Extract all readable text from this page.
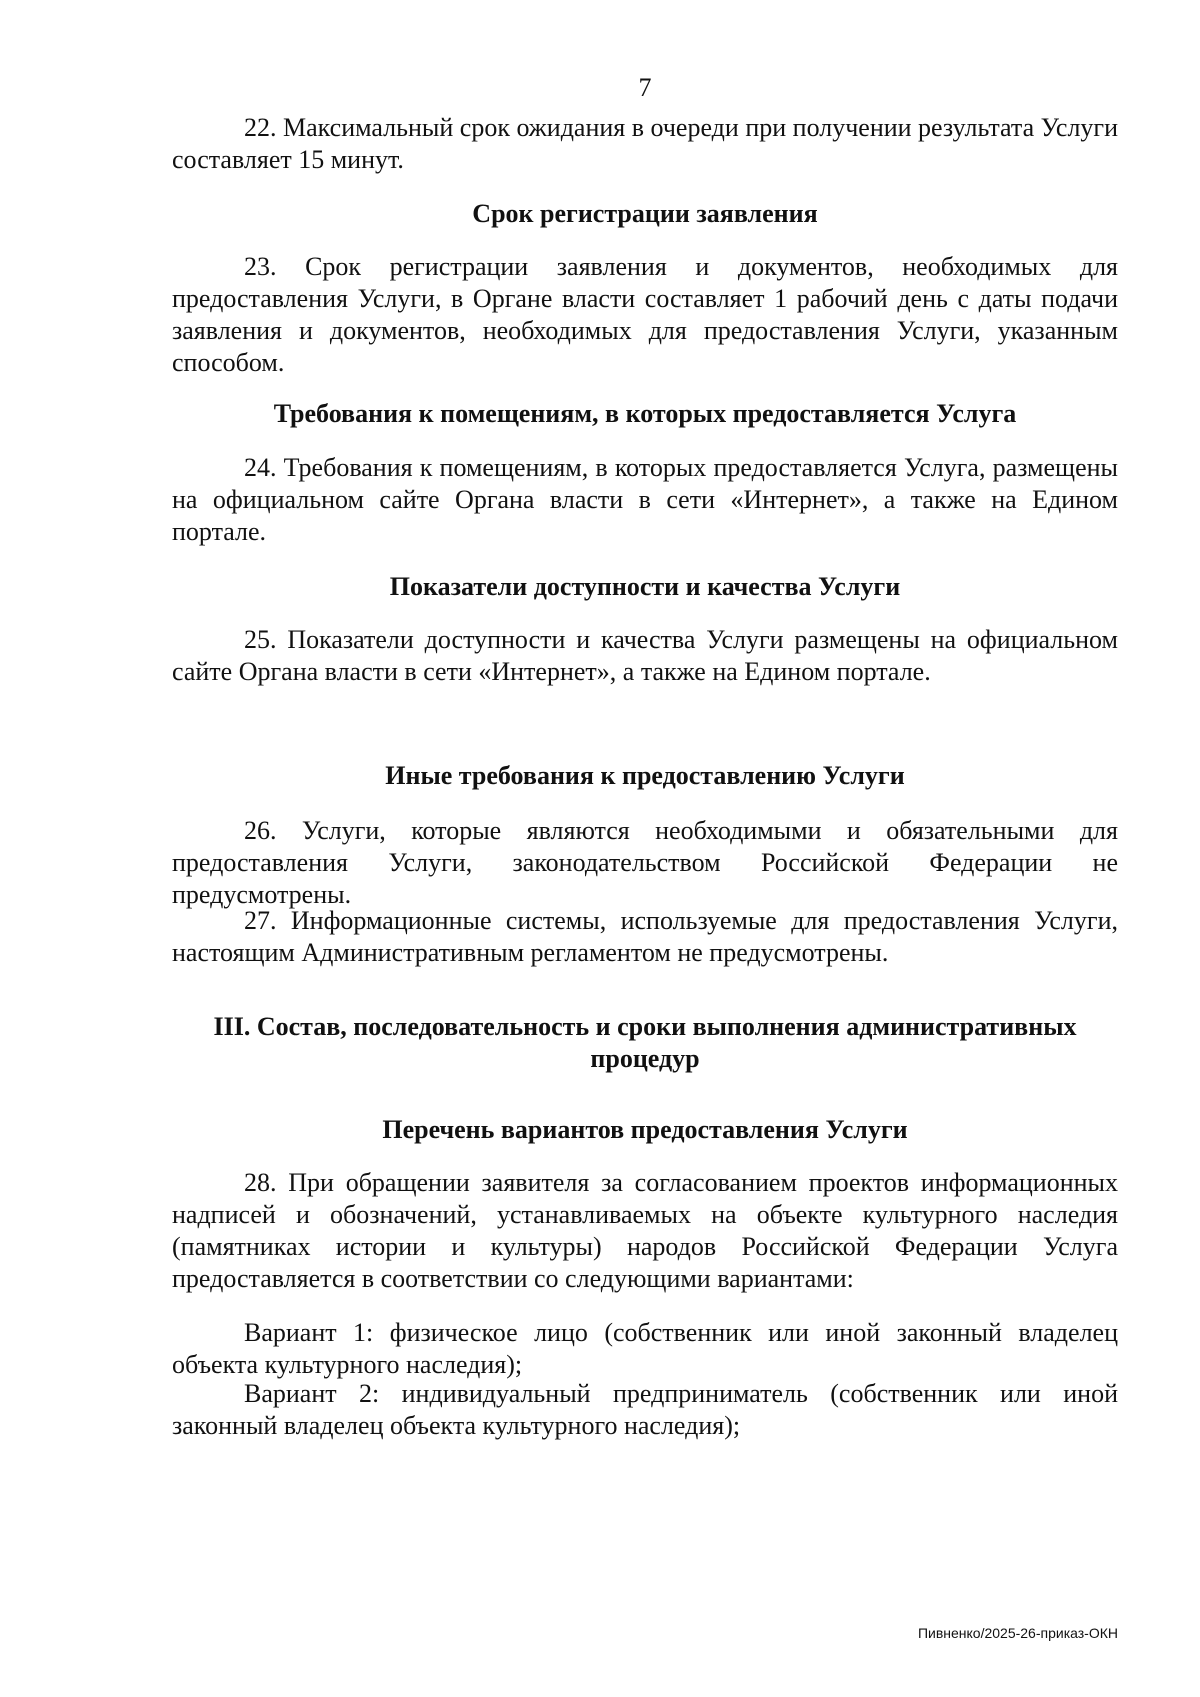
7
22. Максимальный срок ожидания в очереди при получении результата Услуги составляет 15 минут.
Срок регистрации заявления
23. Срок регистрации заявления и документов, необходимых для предоставления Услуги, в Органе власти составляет 1 рабочий день с даты подачи заявления и документов, необходимых для предоставления Услуги, указанным способом.
Требования к помещениям, в которых предоставляется Услуга
24. Требования к помещениям, в которых предоставляется Услуга, размещены на официальном сайте Органа власти в сети «Интернет», а также на Едином портале.
Показатели доступности и качества Услуги
25. Показатели доступности и качества Услуги размещены на официальном сайте Органа власти в сети «Интернет», а также на Едином портале.
Иные требования к предоставлению Услуги
26. Услуги, которые являются необходимыми и обязательными для предоставления Услуги, законодательством Российской Федерации не предусмотрены.
27. Информационные системы, используемые для предоставления Услуги, настоящим Административным регламентом не предусмотрены.
III. Состав, последовательность и сроки выполнения административных процедур
Перечень вариантов предоставления Услуги
28. При обращении заявителя за согласованием проектов информационных надписей и обозначений, устанавливаемых на объекте культурного наследия (памятниках истории и культуры) народов Российской Федерации Услуга предоставляется в соответствии со следующими вариантами:
Вариант 1: физическое лицо (собственник или иной законный владелец объекта культурного наследия);
Вариант 2: индивидуальный предприниматель (собственник или иной законный владелец объекта культурного наследия);
Пивненко/2025-26-приказ-ОКН
